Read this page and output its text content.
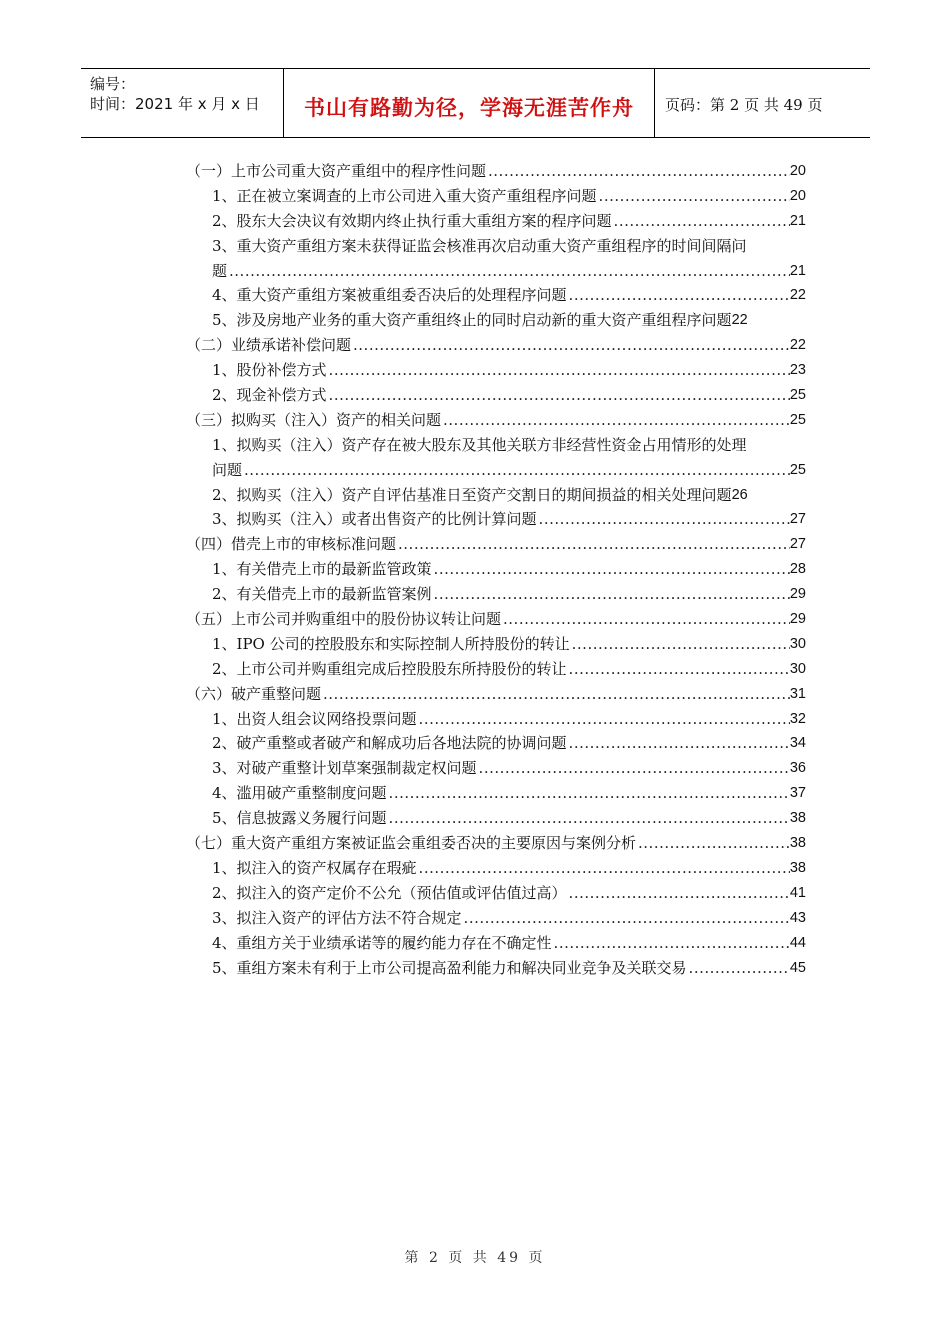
编号：
时间：2021 年 x 月 x 日	书山有路勤为径，学海无涯苦作舟	页码：第 2 页 共 49 页
（一）上市公司重大资产重组中的程序性问题 .....	20
1、正在被立案调查的上市公司进入重大资产重组程序问题 .....	20
2、股东大会决议有效期内终止执行重大重组方案的程序问题 .....	21
3、重大资产重组方案未获得证监会核准再次启动重大资产重组程序的时间间隔问
题 .....	21
4、重大资产重组方案被重组委否决后的处理程序问题 .....	22
5、涉及房地产业务的重大资产重组终止的同时启动新的重大资产重组程序问题 22
（二）业绩承诺补偿问题 .....	22
1、股份补偿方式 .....	23
2、现金补偿方式 .....	25
（三）拟购买（注入）资产的相关问题 .....	25
1、拟购买（注入）资产存在被大股东及其他关联方非经营性资金占用情形的处理
问题 .....	25
2、拟购买（注入）资产自评估基准日至资产交割日的期间损益的相关处理问题 26
3、拟购买（注入）或者出售资产的比例计算问题 .....	27
（四）借壳上市的审核标准问题 .....	27
1、有关借壳上市的最新监管政策 .....	28
2、有关借壳上市的最新监管案例 .....	29
（五）上市公司并购重组中的股份协议转让问题 .....	29
1、IPO 公司的控股股东和实际控制人所持股份的转让 .....	30
2、上市公司并购重组完成后控股股东所持股份的转让 .....	30
（六）破产重整问题 .....	31
1、出资人组会议网络投票问题 .....	32
2、破产重整或者破产和解成功后各地法院的协调问题 .....	34
3、对破产重整计划草案强制裁定权问题 .....	36
4、滥用破产重整制度问题 .....	37
5、信息披露义务履行问题 .....	38
（七）重大资产重组方案被证监会重组委否决的主要原因与案例分析 .....	38
1、拟注入的资产权属存在瑕疵 .....	38
2、拟注入的资产定价不公允（预估值或评估值过高） .....	41
3、拟注入资产的评估方法不符合规定 .....	43
4、重组方关于业绩承诺等的履约能力存在不确定性 .....	44
5、重组方案未有利于上市公司提高盈利能力和解决同业竞争及关联交易 .....	45
第 2 页 共 49 页
